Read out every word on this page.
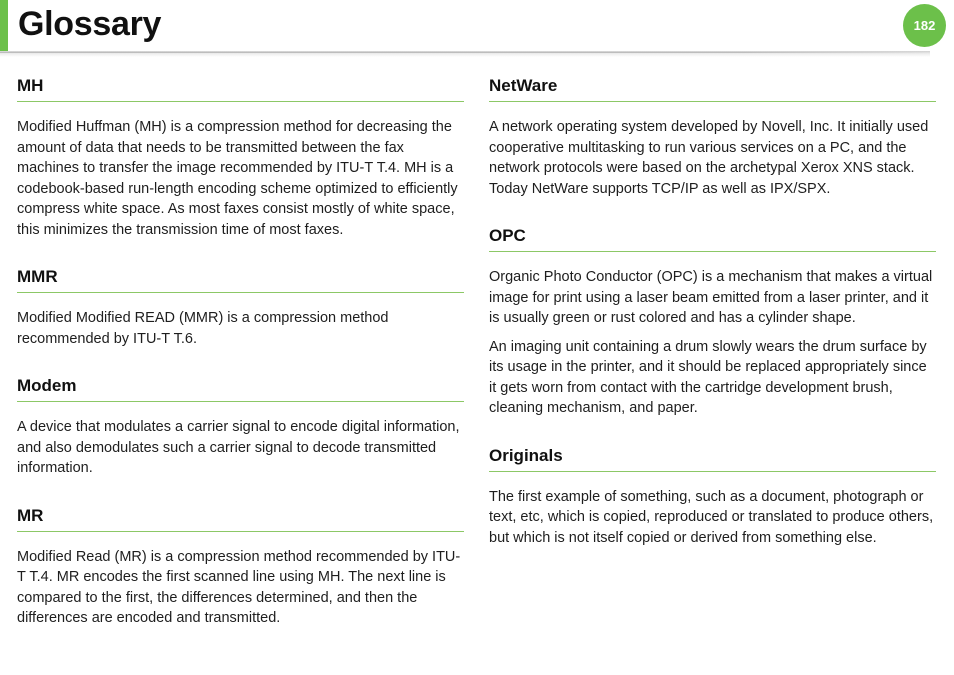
Glossary	182
MH

Modified Huffman (MH) is a compression method for decreasing the amount of data that needs to be transmitted between the fax machines to transfer the image recommended by ITU-T T.4. MH is a codebook-based run-length encoding scheme optimized to efficiently compress white space. As most faxes consist mostly of white space, this minimizes the transmission time of most faxes.

MMR

Modified Modified READ (MMR) is a compression method recommended by ITU-T T.6.

Modem

A device that modulates a carrier signal to encode digital information, and also demodulates such a carrier signal to decode transmitted information.

MR

Modified Read (MR) is a compression method recommended by ITU-T T.4. MR encodes the first scanned line using MH. The next line is compared to the first, the differences determined, and then the differences are encoded and transmitted.

NetWare

A network operating system developed by Novell, Inc. It initially used cooperative multitasking to run various services on a PC, and the network protocols were based on the archetypal Xerox XNS stack. Today NetWare supports TCP/IP as well as IPX/SPX.

OPC

Organic Photo Conductor (OPC) is a mechanism that makes a virtual image for print using a laser beam emitted from a laser printer, and it is usually green or rust colored and has a cylinder shape.

An imaging unit containing a drum slowly wears the drum surface by its usage in the printer, and it should be replaced appropriately since it gets worn from contact with the cartridge development brush, cleaning mechanism, and paper.

Originals

The first example of something, such as a document, photograph or text, etc, which is copied, reproduced or translated to produce others, but which is not itself copied or derived from something else.
